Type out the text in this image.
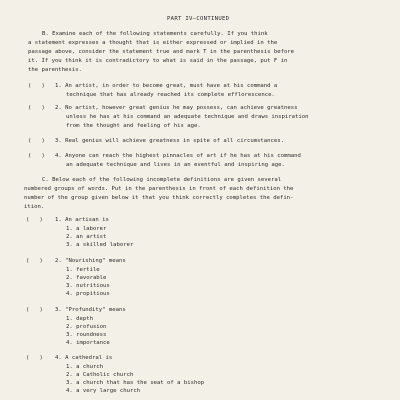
PART IV—CONTINUED
B. Examine each of the following statements carefully. If you think
a statement expresses a thought that is either expressed or implied in the
passage above, consider the statement true and mark T in the parenthesis before
it. If you think it is contradictory to what is said in the passage, put F in
the parenthesis.
(   ) 1. An artist, in order to become great, must have at his command a
technique that has already reached its complete efflorescence.
(   ) 2. No artist, however great genius he may possess, can achieve greatness
unless he has at his command an adequate technique and draws inspiration
from the thought and feeling of his age.
(   ) 3. Real genius will achieve greatness in spite of all circumstances.
(   ) 4. Anyone can reach the highest pinnacles of art if he has at his command
an adequate technique and lives in an eventful and inspiring age.
C. Below each of the following incomplete definitions are given several
numbered groups of words. Put in the parenthesis in front of each definition the
number of the group given below it that you think correctly completes the defin-
ition.
(   ) 1. An artisan is
1. a laborer
2. an artist
3. a skilled laborer
(   ) 2. "Nourishing" means
1. fertile
2. favorable
3. nutritious
4. propitious
(   ) 3. "Profundity" means
1. depth
2. profusion
3. roundness
4. importance
(   ) 4. A cathedral is
1. a church
2. a Catholic church
3. a church that has the seat of a bishop
4. a very large church
